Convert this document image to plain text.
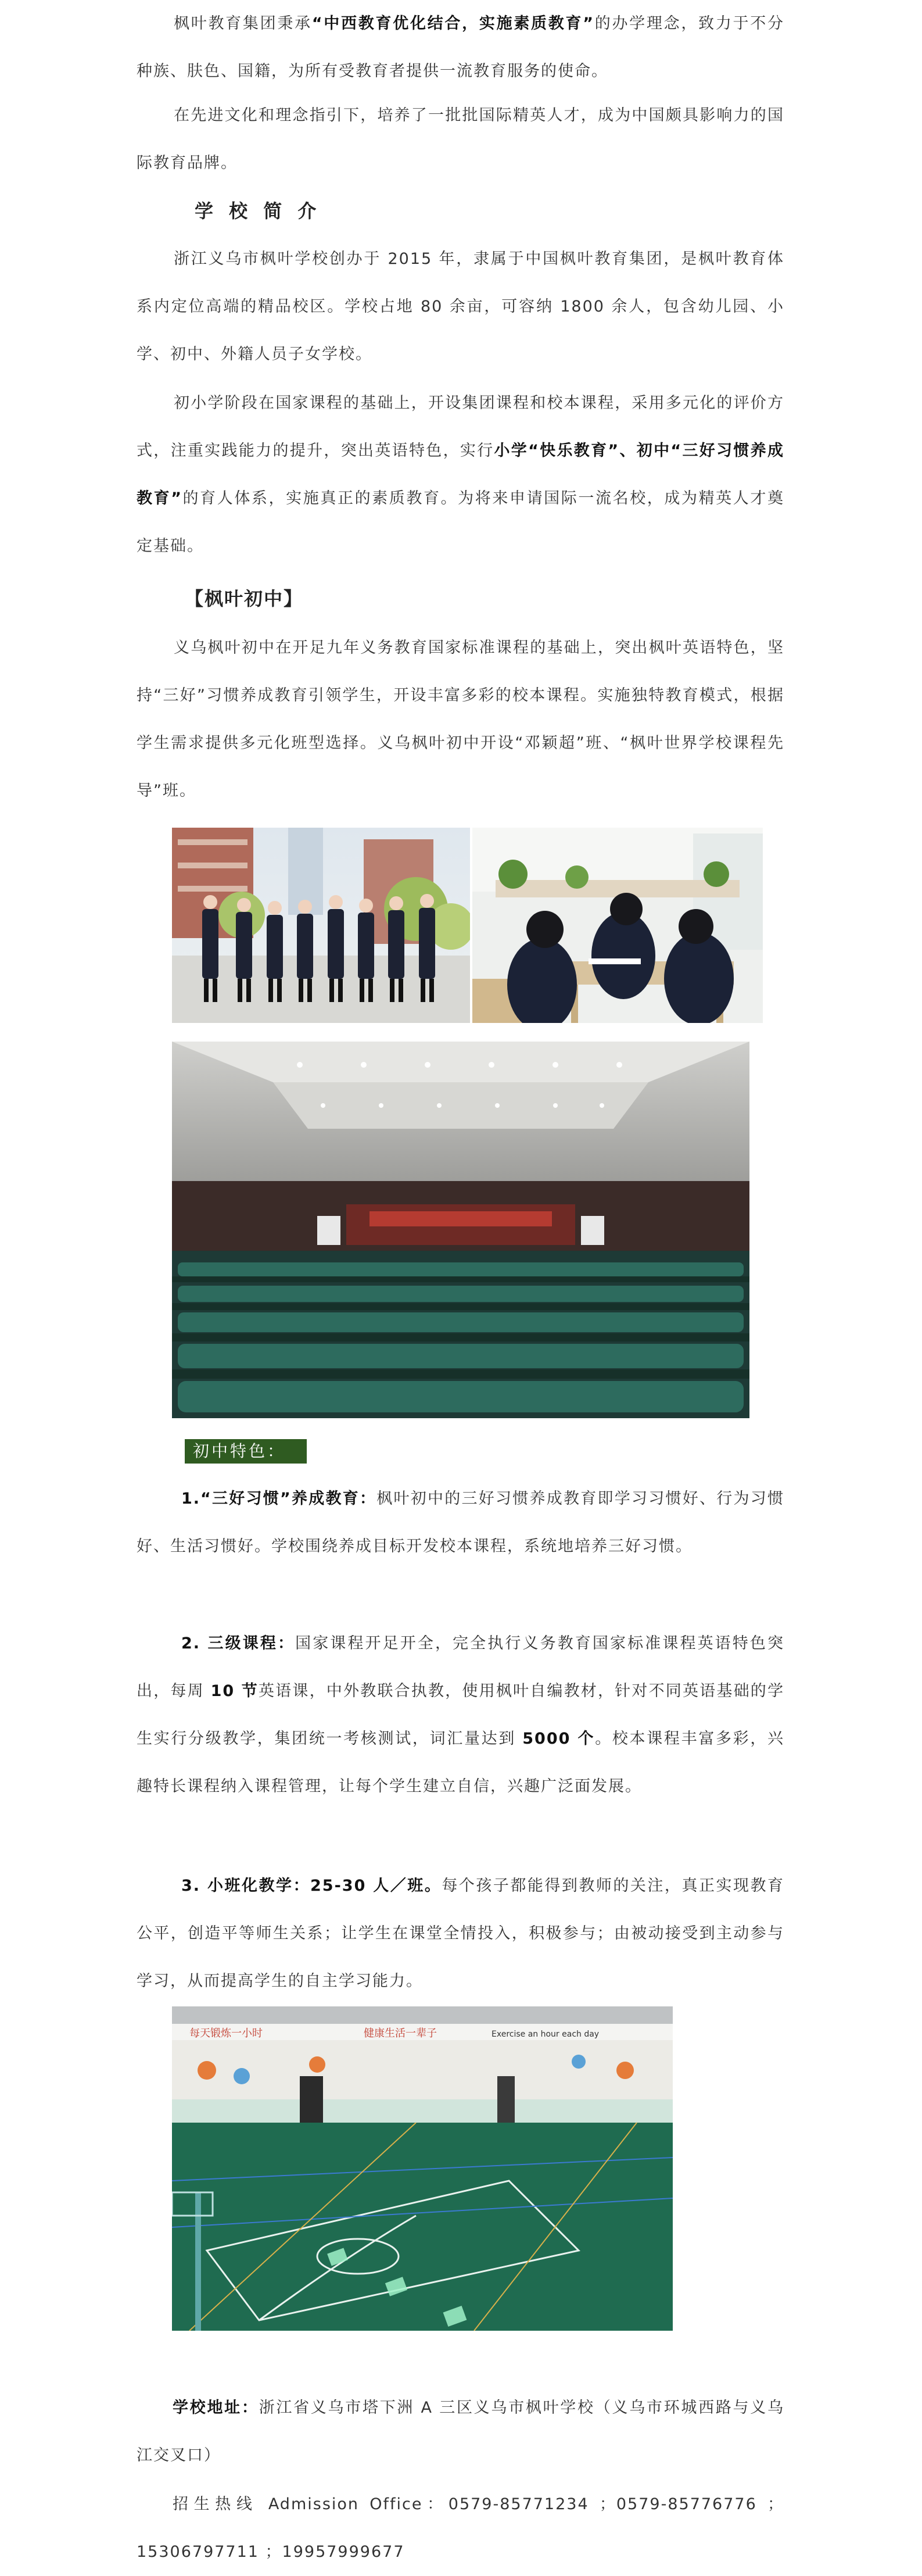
枫叶教育集团秉承“中西教育优化结合，实施素质教育”的办学理念，致力于不分种族、肤色、国籍，为所有受教育者提供一流教育服务的使命。

在先进文化和理念指引下，培养了一批批国际精英人才，成为中国颇具影响力的国际教育品牌。

学 校 简 介

浙江义乌市枫叶学校创办于 2015 年，隶属于中国枫叶教育集团，是枫叶教育体系内定位高端的精品校区。学校占地 80 余亩，可容纳 1800 余人，包含幼儿园、小学、初中、外籍人员子女学校。

初小学阶段在国家课程的基础上，开设集团课程和校本课程，采用多元化的评价方式，注重实践能力的提升，突出英语特色，实行小学“快乐教育”、初中“三好习惯养成教育”的育人体系，实施真正的素质教育。为将来申请国际一流名校，成为精英人才奠定基础。

【枫叶初中】

义乌枫叶初中在开足九年义务教育国家标准课程的基础上，突出枫叶英语特色，坚持“三好”习惯养成教育引领学生，开设丰富多彩的校本课程。实施独特教育模式，根据学生需求提供多元化班型选择。义乌枫叶初中开设“邓颖超”班、“枫叶世界学校课程先导”班。

初中特色：

1.“三好习惯”养成教育：枫叶初中的三好习惯养成教育即学习习惯好、行为习惯好、生活习惯好。学校围绕养成目标开发校本课程，系统地培养三好习惯。

2. 三级课程：国家课程开足开全，完全执行义务教育国家标准课程英语特色突出，每周 10 节英语课，中外教联合执教，使用枫叶自编教材，针对不同英语基础的学生实行分级教学，集团统一考核测试，词汇量达到 5000 个。校本课程丰富多彩，兴趣特长课程纳入课程管理，让每个学生建立自信，兴趣广泛面发展。

3. 小班化教学：25-30 人／班。每个孩子都能得到教师的关注，真正实现教育公平，创造平等师生关系；让学生在课堂全情投入，积极参与；由被动接受到主动参与学习，从而提高学生的自主学习能力。

每天锻炼一小时	健康生活一辈子	Exercise an hour each day

学校地址：浙江省义乌市塔下洲 A 三区义乌市枫叶学校（义乌市环城西路与义乌江交叉口）

招生热线 Admission Office：0579-85771234 ；0579-85776776 ；15306797711 ；19957999677
